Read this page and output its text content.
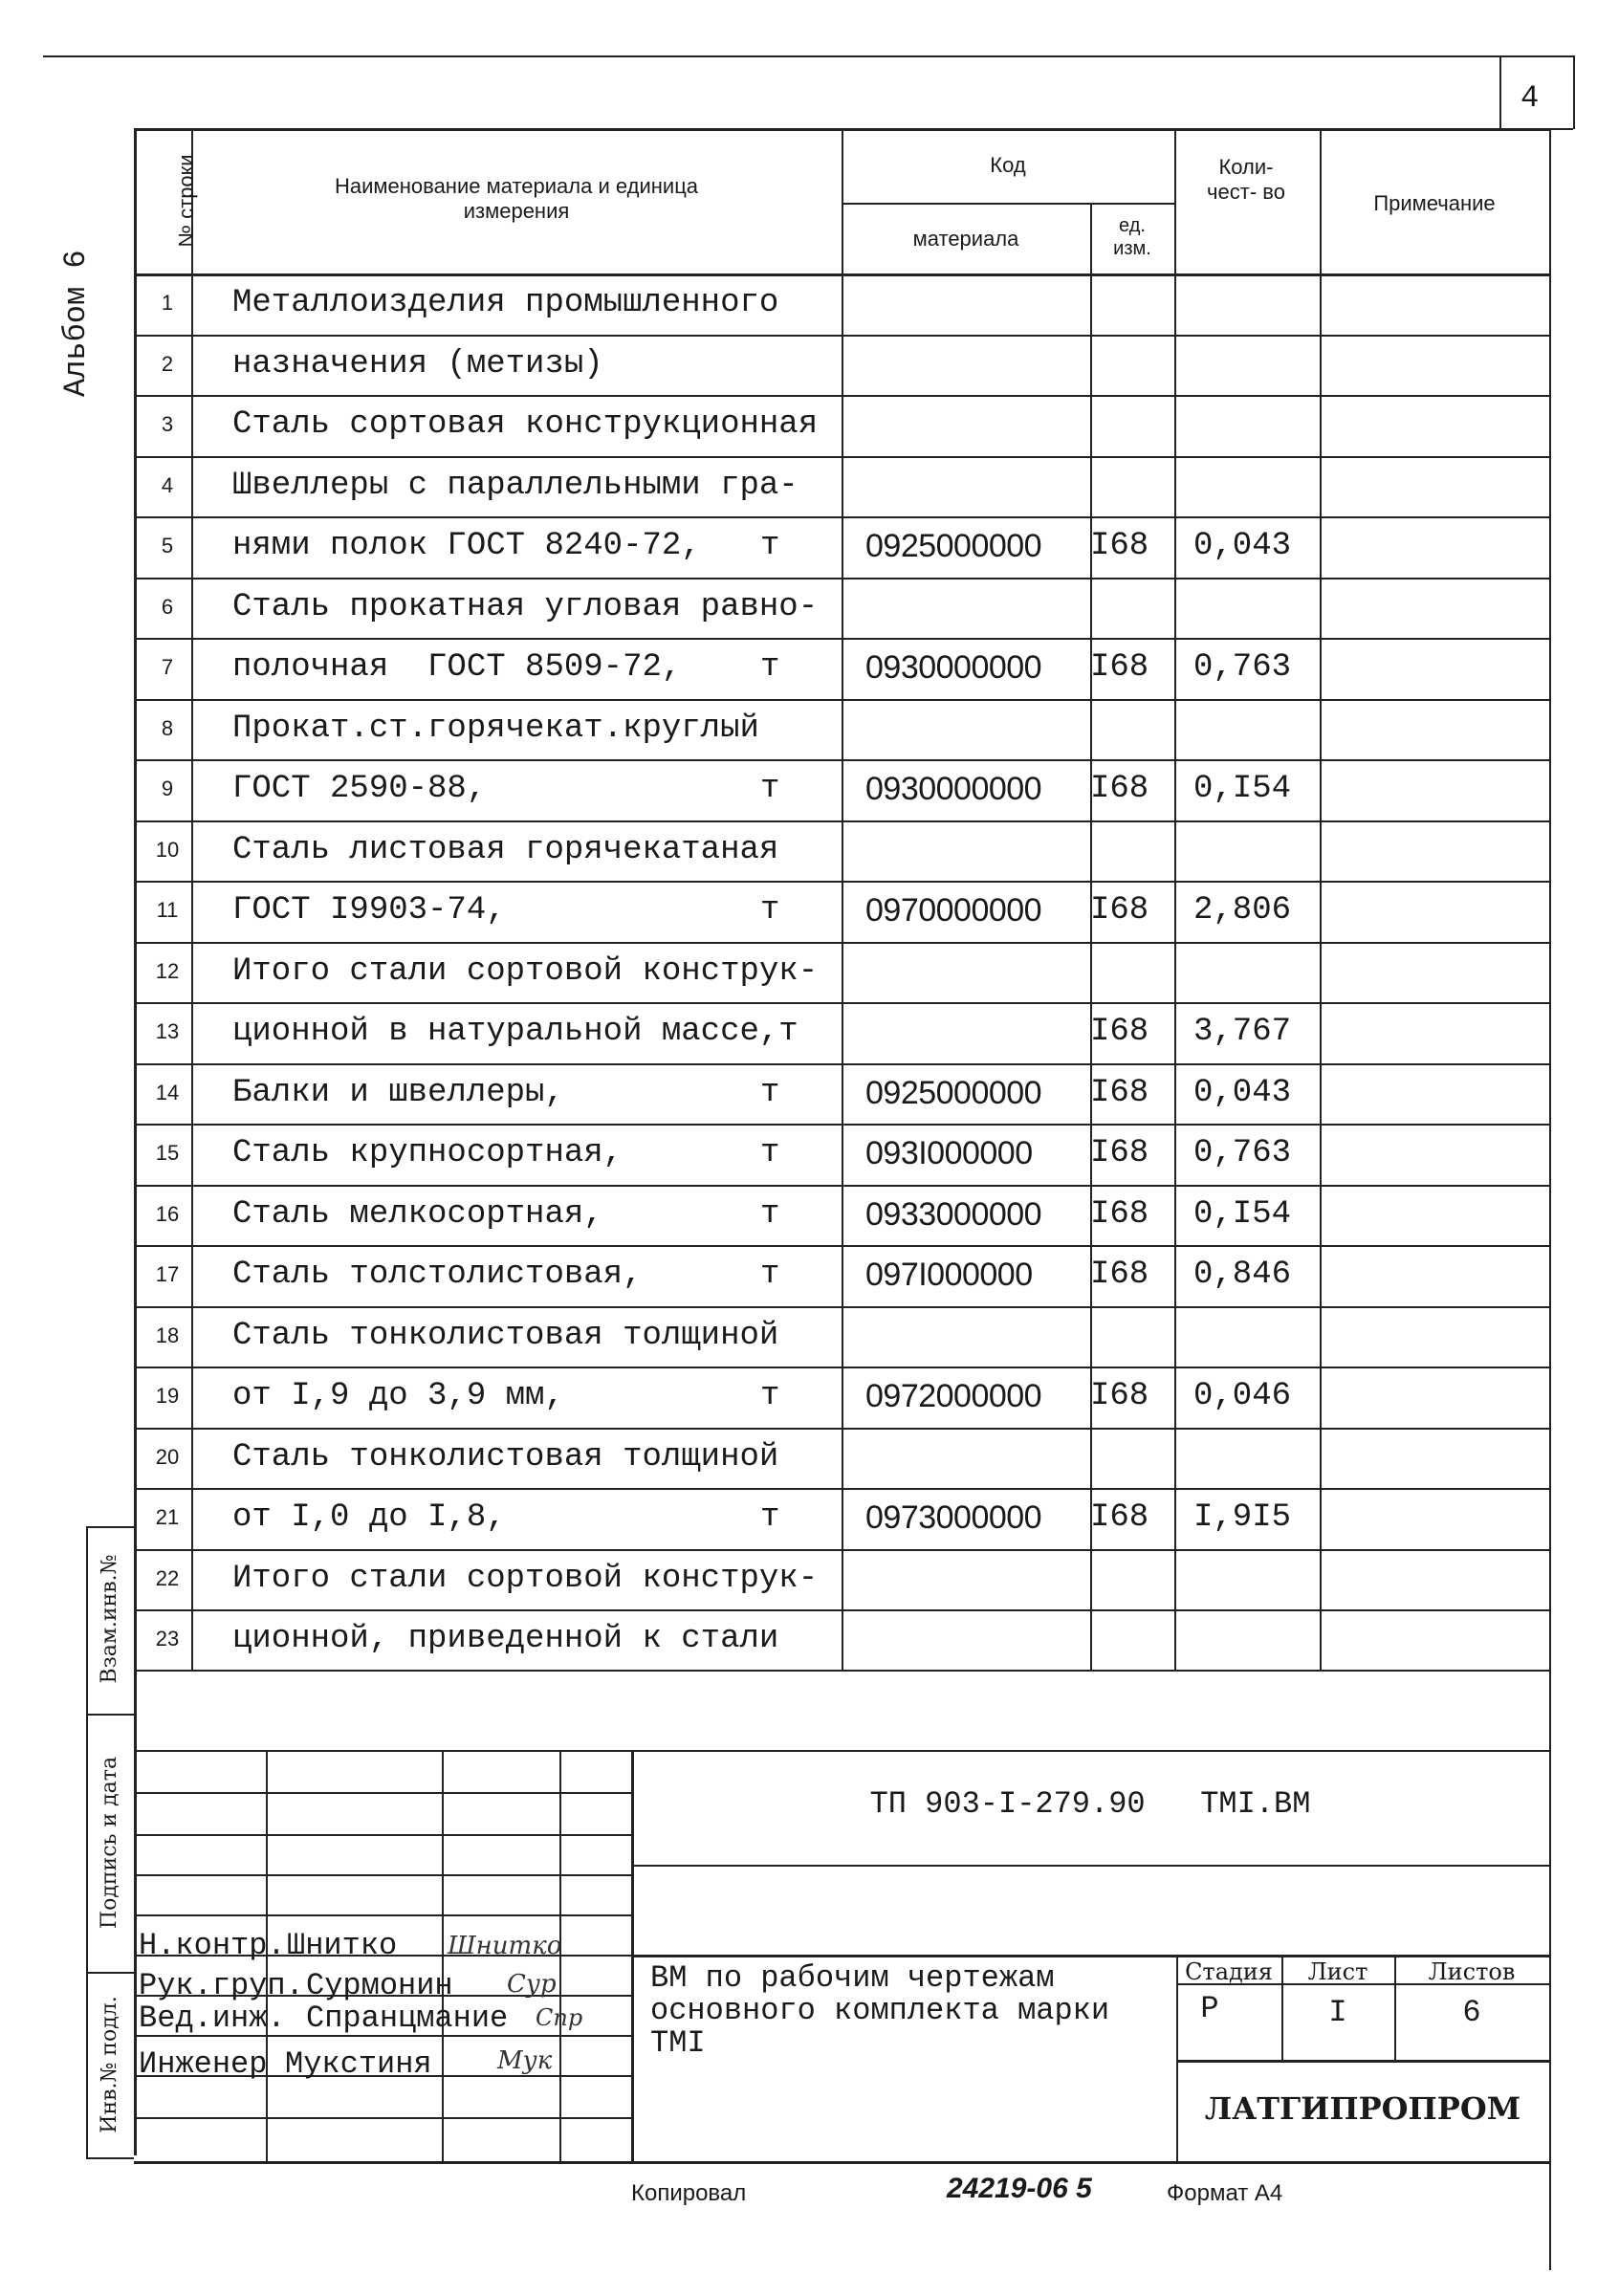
4
Альбом 6
№ строки	Наименование материала и единица измерения
Код
материала
ед. изм.
Коли- чест- во	Примечание
1	Металлоизделия промышленного
2	назначения (метизы)
3	Сталь сортовая конструкционная
4	Швеллеры с параллельными гра-
5	нями полок ГОСТ 8240-72, т	0925000000 I68 0,043
6	Сталь прокатная угловая равно-
7	полочная  ГОСТ 8509-72, т	0930000000 I68 0,763
8	Прокат.ст.горячекат.круглый
9	ГОСТ 2590-88,	т	0930000000 I68 0,I54
10	Сталь листовая горячекатаная
11	ГОСТ I9903-74,	т	0970000000 I68 2,806
12	Итого стали сортовой конструк-
13	ционной в натуральной массе,т	I68 3,767
14	Балки и швеллеры,	т	0925000000 I68 0,043
15	Сталь крупносортная,	т	093I000000 I68 0,763
16	Сталь мелкосортная,	т	0933000000 I68 0,I54
17	Сталь толстолистовая,	т	097I000000 I68 0,846
18	Сталь тонколистовая толщиной
19	от I,9 до 3,9 мм,	т	0972000000 I68 0,046
20	Сталь тонколистовая толщиной
21	от I,0 до I,8,	т	0973000000 I68 I,9I5
22	Итого стали сортовой конструк-
23	ционной, приведенной к стали
ТП 903-I-279.90   ТМI.ВМ
Н.контр. Шнитко Шнитко
Рук.груп. Сурмонин Сур
Вед.инж. Спранцмание Спр
Инженер Мукстиня	Мук
ВМ по рабочим чертежам основного комплекта марки ТМI
Стадия	Лист	Листов
Р	I	6
ЛАТГИПРОПРОМ
Взам.инв.№
Подпись и дата
Инв.№ подл.
Копировал	24219-06 5	Формат А4
